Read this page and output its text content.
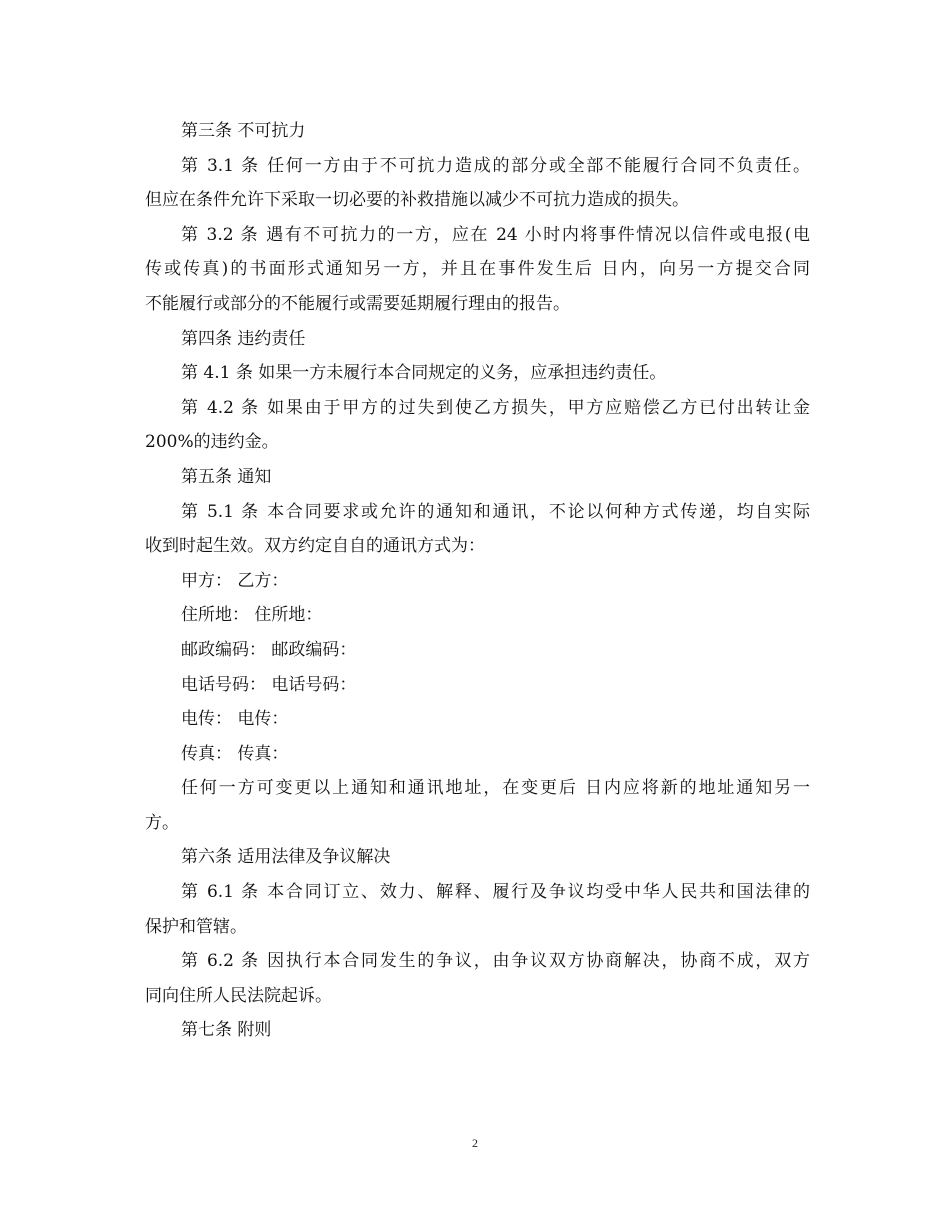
第三条 不可抗力
第 3.1 条 任何一方由于不可抗力造成的部分或全部不能履行合同不负责任。
但应在条件允许下采取一切必要的补救措施以减少不可抗力造成的损失。
第 3.2 条 遇有不可抗力的一方，应在 24 小时内将事件情况以信件或电报(电
传或传真)的书面形式通知另一方，并且在事件发生后 日内，向另一方提交合同
不能履行或部分的不能履行或需要延期履行理由的报告。
第四条 违约责任
第 4.1 条 如果一方未履行本合同规定的义务，应承担违约责任。
第 4.2 条 如果由于甲方的过失到使乙方损失，甲方应赔偿乙方已付出转让金
200%的违约金。
第五条 通知
第 5.1 条 本合同要求或允许的通知和通讯，不论以何种方式传递，均自实际
收到时起生效。双方约定自自的通讯方式为：
甲方： 乙方：
住所地： 住所地：
邮政编码： 邮政编码：
电话号码： 电话号码：
电传： 电传：
传真： 传真：
任何一方可变更以上通知和通讯地址，在变更后 日内应将新的地址通知另一
方。
第六条 适用法律及争议解决
第 6.1 条 本合同订立、效力、解释、履行及争议均受中华人民共和国法律的
保护和管辖。
第 6.2 条 因执行本合同发生的争议，由争议双方协商解决，协商不成，双方
同向住所人民法院起诉。
第七条 附则
2
